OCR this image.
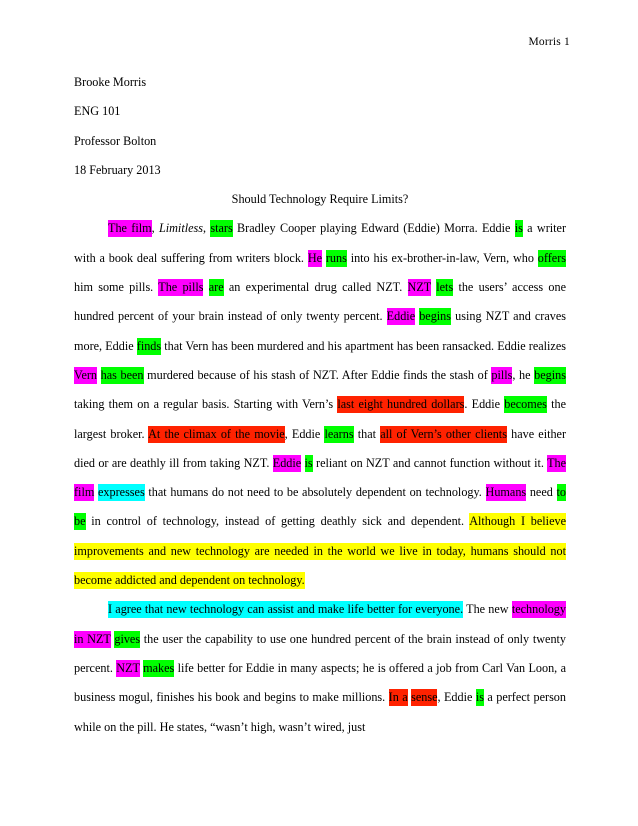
Morris 1

Brooke Morris

ENG 101

Professor Bolton

18 February 2013

Should Technology Require Limits?

The film, Limitless, stars Bradley Cooper playing Edward (Eddie) Morra. Eddie is a writer with a book deal suffering from writers block. He runs into his ex-brother-in-law, Vern, who offers him some pills. The pills are an experimental drug called NZT. NZT lets the users’ access one hundred percent of your brain instead of only twenty percent. Eddie begins using NZT and craves more, Eddie finds that Vern has been murdered and his apartment has been ransacked. Eddie realizes Vern has been murdered because of his stash of NZT. After Eddie finds the stash of pills, he begins taking them on a regular basis. Starting with Vern’s last eight hundred dollars. Eddie becomes the largest broker. At the climax of the movie, Eddie learns that all of Vern’s other clients have either died or are deathly ill from taking NZT. Eddie is reliant on NZT and cannot function without it. The film expresses that humans do not need to be absolutely dependent on technology. Humans need to be in control of technology, instead of getting deathly sick and dependent. Although I believe improvements and new technology are needed in the world we live in today, humans should not become addicted and dependent on technology.

I agree that new technology can assist and make life better for everyone. The new technology in NZT gives the user the capability to use one hundred percent of the brain instead of only twenty percent. NZT makes life better for Eddie in many aspects; he is offered a job from Carl Van Loon, a business mogul, finishes his book and begins to make millions. In a sense, Eddie is a perfect person while on the pill. He states, “wasn’t high, wasn’t wired, just
